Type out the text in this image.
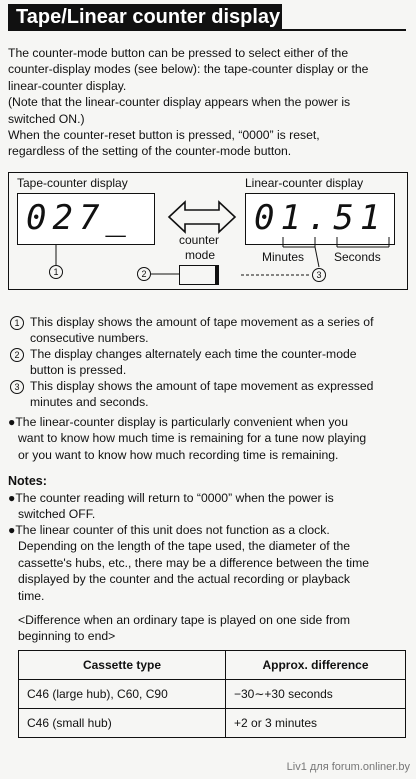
Tape/Linear counter display
The counter-mode button can be pressed to select either of the
counter-display modes (see below): the tape-counter display or the
linear-counter display.
(Note that the linear-counter display appears when the power is
switched ON.)
When the counter-reset button is pressed, “0000” is reset,
regardless of the setting of the counter-mode button.
Tape-counter display	Linear-counter display
027_	01.51
counter
mode	Minutes Seconds
1	2	3
1 This display shows the amount of tape movement as a series of
consecutive numbers.
2 The display changes alternately each time the counter-mode
button is pressed.
3 This display shows the amount of tape movement as expressed
minutes and seconds.
●The linear-counter display is particularly convenient when you
want to know how much time is remaining for a tune now playing
or you want to know how much recording time is remaining.
Notes:
●The counter reading will return to “0000” when the power is
switched OFF.
●The linear counter of this unit does not function as a clock.
Depending on the length of the tape used, the diameter of the
cassette's hubs, etc., there may be a difference between the time
displayed by the counter and the actual recording or playback
time.
<Difference when an ordinary tape is played on one side from
beginning to end>
Cassette type	Approx. difference
C46 (large hub), C60, C90	−30∼+30 seconds
C46 (small hub)	+2 or 3 minutes
Liv1 для forum.onliner.by
